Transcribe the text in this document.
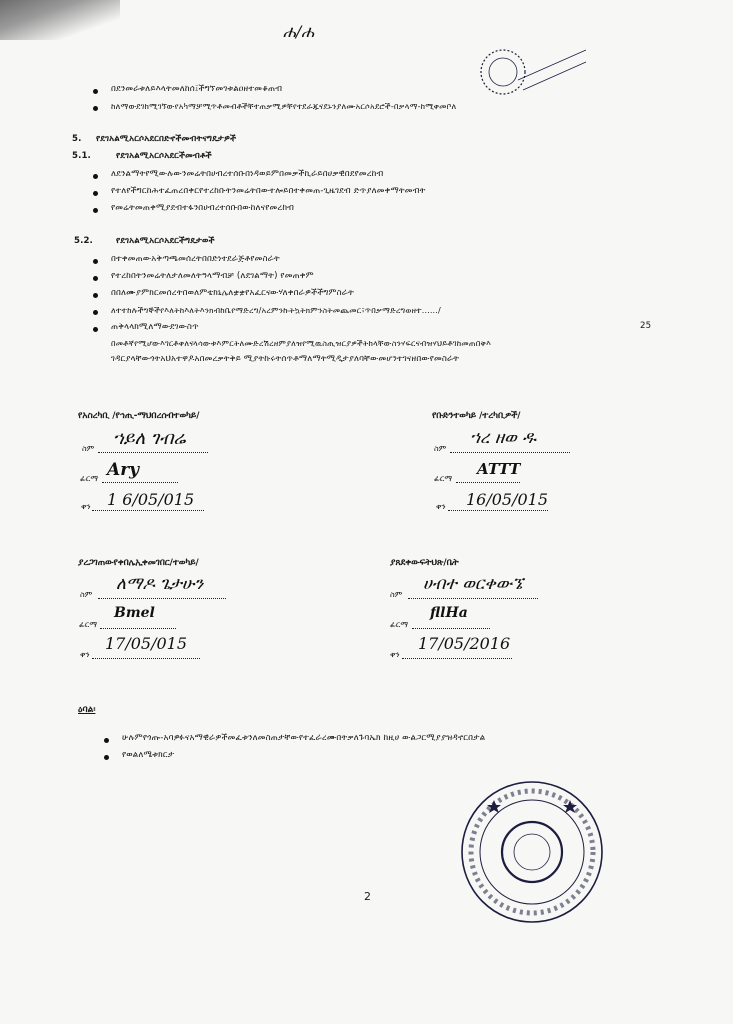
ሐ/ሐ
በደንመራቱለይእላትመለከሰ፤ችግኘመገቱልዐዘተመቆጠብ
ከለማውደገከሚገኘውየአካማቻሚጥቶመብቶችቸተጠቃሚዎቸየተደራጁናደኑንያለሙአርሶአደሮች-በቃላማ-ከሚቀመቦለ
5. የደገአልሚአርሶአደርበድኖችመብትናግዴታዎች
5.1.	የደገአልሚአርሶአደርችመብቶች
ለደንልማትየሚውሉውንመሬትበሀብረተሰቡበነዳወይምበመቃችኪራይበሀቃዊበደየመረከብ
የተለየችግርከሕተፈጠረበቀርየተረከቡትንመሬትበውተሎይበተቀመጠ-ጊዜገደብ ድጥያለመቀማትመብት
የመሬትመጠቀሚያደብተፋንበሀብረተሰቡበውከለናየመረከብ
5.2.	የደገአልሚአርሶአደርችግዴታወች
በተቀመጠውአቅጣጫመሰረትበበድነተደራጅቶየመስራት
የተረከበትንመሬትለታለመለትዓላማብቻ (ለደገልማት) የመጠቀም
በበለሙያምክርመሰረትበወለምቴክኒሌለቋቋየአፈርናውሃለቀበራዎችችግምስራት
ለተተከሉችግኞችየእለትከእለትእንክብከቤየማድረግ/አረምንኩትኳትክምንስትመጨመር፣ጥበቃማድረግወዘተ....../
ጠቅላላክሚለማውደገውስጥ	25
በመቶኛየሚሆውእገርቶቀለናላሳውቱእምርትለሙድረሽረዘምያለዝየሚዉስጢዝርያዎችትከላቸውስንሃፍርናብዝሃህይቶገከመጠበቅእ
ገዳርያላቸውጎትአህአተዋዶአበመረቃትቅይ ሚያትኩሩትሰጥቶማለማትሚዲታያለባቸውመሆንተገናዘበውየመስራት
የአስረካቢ /የኅጢ-ማህበረሰብተወካይ/
ስም ኀይለ ገብሬ
ፊርማ Ary
ቀን 1 6/05/015
የቡድንተወካይ /ተረካቢዎች/
ስም
ኀረ ዘወ ዱ
ፊርማ
ATTT
ቀን 16/05/015
ያረጋገጠውየቀበሌኢቀመገበር/ተወካይ/
ስም
ለማዶ ጌታሁን
ፊርማ
Bmel
ቀን
17/05/015
ያጸደቀውፍትህጽ/ቤት
ስም
ሀብተ ወርቀውኜ
ፊርማ
fllHa
ቀን
17/05/2016
ዕባል፡
ሁሉምየጎጡ-አባዎፉናአማዊራዎችመፈቱንለመስጠታቸውየተፈራረሙበትቃለጉባኤክ ከዚሀ ውልጋርሚያያዝዳኖርበታል
የወልለሜቱክርታ
2
